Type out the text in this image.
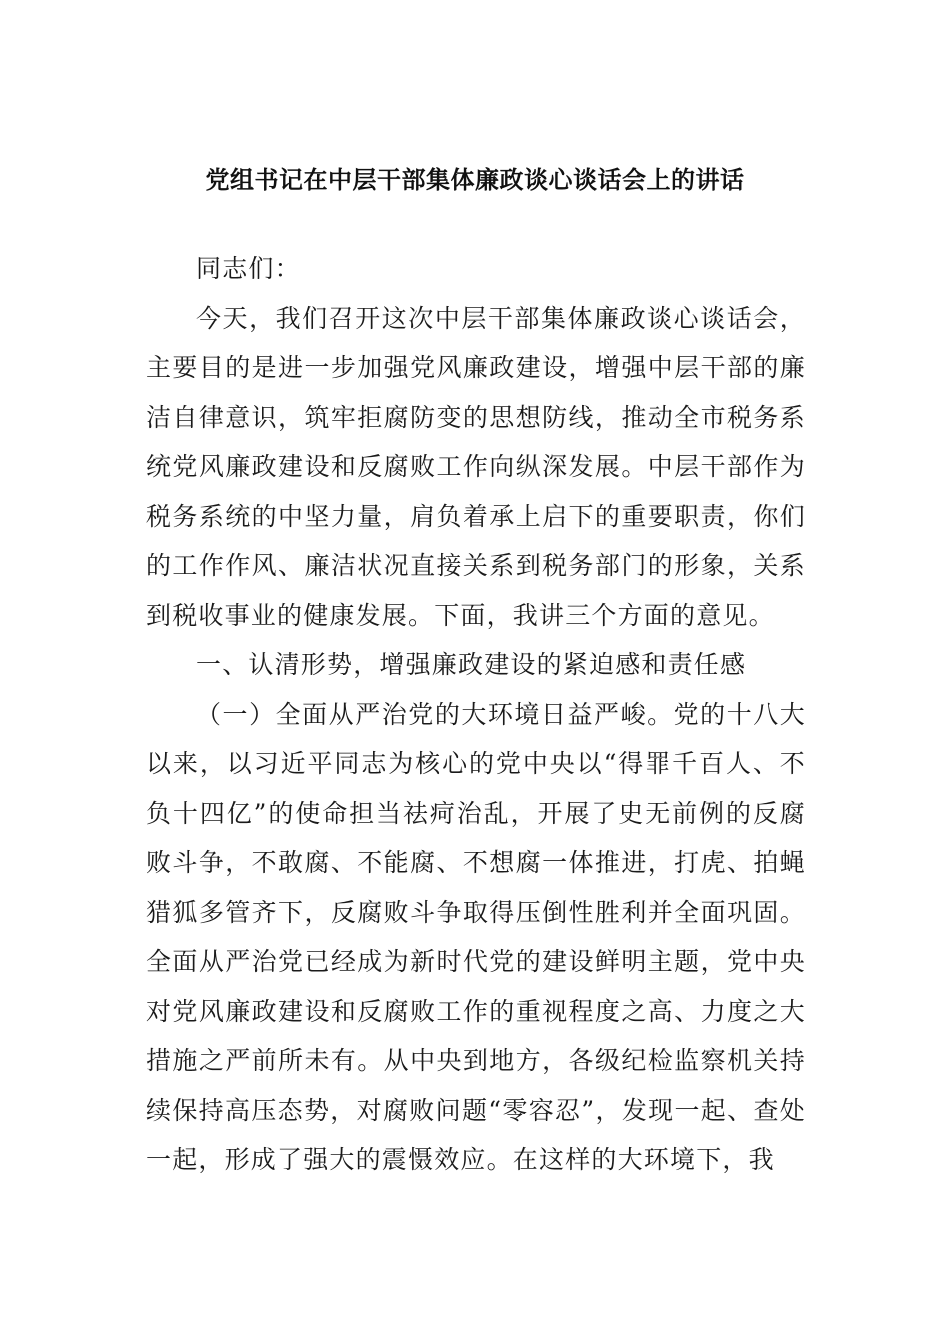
党组书记在中层干部集体廉政谈心谈话会上的讲话

同志们：

今天，我们召开这次中层干部集体廉政谈心谈话会，主要目的是进一步加强党风廉政建设，增强中层干部的廉洁自律意识，筑牢拒腐防变的思想防线，推动全市税务系统党风廉政建设和反腐败工作向纵深发展。中层干部作为税务系统的中坚力量，肩负着承上启下的重要职责，你们的工作作风、廉洁状况直接关系到税务部门的形象，关系到税收事业的健康发展。下面，我讲三个方面的意见。

一、认清形势，增强廉政建设的紧迫感和责任感

（一）全面从严治党的大环境日益严峻。党的十八大以来，以习近平同志为核心的党中央以“得罪千百人、不负十四亿”的使命担当祛疴治乱，开展了史无前例的反腐败斗争，不敢腐、不能腐、不想腐一体推进，打虎、拍蝇猎狐多管齐下，反腐败斗争取得压倒性胜利并全面巩固。全面从严治党已经成为新时代党的建设鲜明主题，党中央对党风廉政建设和反腐败工作的重视程度之高、力度之大措施之严前所未有。从中央到地方，各级纪检监察机关持续保持高压态势，对腐败问题“零容忍”，发现一起、查处一起，形成了强大的震慑效应。在这样的大环境下，我
